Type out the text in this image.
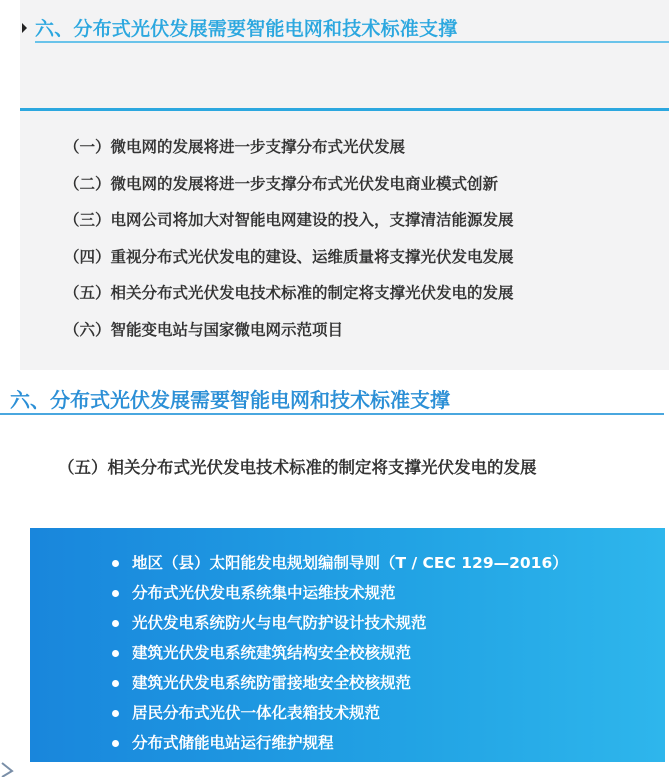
六、分布式光伏发展需要智能电网和技术标准支撑
（一）微电网的发展将进一步支撑分布式光伏发展
（二）微电网的发展将进一步支撑分布式光伏发电商业模式创新
（三）电网公司将加大对智能电网建设的投入，支撑清洁能源发展
（四）重视分布式光伏发电的建设、运维质量将支撑光伏发电发展
（五）相关分布式光伏发电技术标准的制定将支撑光伏发电的发展
（六）智能变电站与国家微电网示范项目
六、分布式光伏发展需要智能电网和技术标准支撑
（五）相关分布式光伏发电技术标准的制定将支撑光伏发电的发展
地区（县）太阳能发电规划编制导则（T / CEC 129—2016）
分布式光伏发电系统集中运维技术规范
光伏发电系统防火与电气防护设计技术规范
建筑光伏发电系统建筑结构安全校核规范
建筑光伏发电系统防雷接地安全校核规范
居民分布式光伏一体化表箱技术规范
分布式储能电站运行维护规程
